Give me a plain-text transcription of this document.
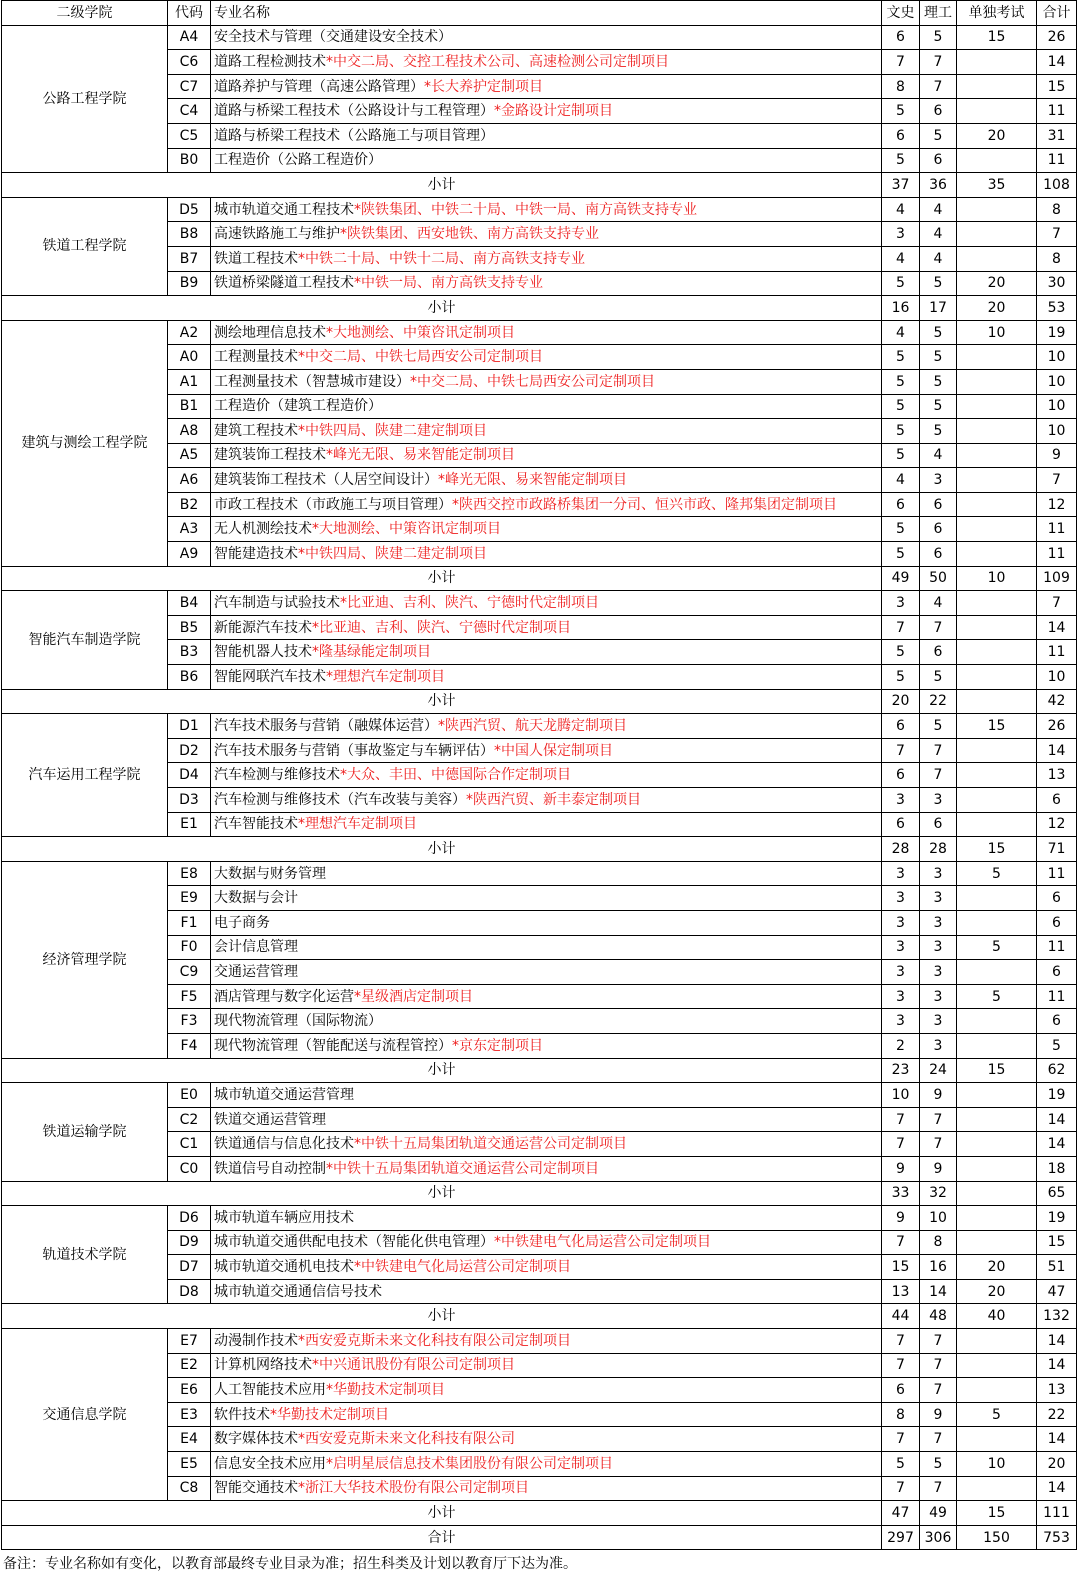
二级学院	代码	专业名称	文史	理工	单独考试	合计
公路工程学院	A4	安全技术与管理（交通建设安全技术）	6	5	15	26
	C6	道路工程检测技术*中交二局、交控工程技术公司、高速检测公司定制项目	7	7		14
	C7	道路养护与管理（高速公路管理）*长大养护定制项目	8	7		15
	C4	道路与桥梁工程技术（公路设计与工程管理）*金路设计定制项目	5	6		11
	C5	道路与桥梁工程技术（公路施工与项目管理）	6	5	20	31
	B0	工程造价（公路工程造价）	5	6		11
小计			37	36	35	108
铁道工程学院	D5	城市轨道交通工程技术*陕铁集团、中铁二十局、中铁一局、南方高铁支持专业	4	4		8
	B8	高速铁路施工与维护*陕铁集团、西安地铁、南方高铁支持专业	3	4		7
	B7	铁道工程技术*中铁二十局、中铁十二局、南方高铁支持专业	4	4		8
	B9	铁道桥梁隧道工程技术*中铁一局、南方高铁支持专业	5	5	20	30
小计			16	17	20	53
建筑与测绘工程学院	A2	测绘地理信息技术*大地测绘、中策咨讯定制项目	4	5	10	19
	A0	工程测量技术*中交二局、中铁七局西安公司定制项目	5	5		10
	A1	工程测量技术（智慧城市建设）*中交二局、中铁七局西安公司定制项目	5	5		10
	B1	工程造价（建筑工程造价）	5	5		10
	A8	建筑工程技术*中铁四局、陕建二建定制项目	5	5		10
	A5	建筑装饰工程技术*峰光无限、易来智能定制项目	5	4		9
	A6	建筑装饰工程技术（人居空间设计）*峰光无限、易来智能定制项目	4	3		7
	B2	市政工程技术（市政施工与项目管理）*陕西交控市政路桥集团一分司、恒兴市政、隆邦集团定制项目	6	6		12
	A3	无人机测绘技术*大地测绘、中策咨讯定制项目	5	6		11
	A9	智能建造技术*中铁四局、陕建二建定制项目	5	6		11
小计			49	50	10	109
智能汽车制造学院	B4	汽车制造与试验技术*比亚迪、吉利、陕汽、宁德时代定制项目	3	4		7
	B5	新能源汽车技术*比亚迪、吉利、陕汽、宁德时代定制项目	7	7		14
	B3	智能机器人技术*隆基绿能定制项目	5	6		11
	B6	智能网联汽车技术*理想汽车定制项目	5	5		10
小计			20	22		42
汽车运用工程学院	D1	汽车技术服务与营销（融媒体运营）*陕西汽贸、航天龙腾定制项目	6	5	15	26
	D2	汽车技术服务与营销（事故鉴定与车辆评估）*中国人保定制项目	7	7		14
	D4	汽车检测与维修技术*大众、丰田、中德国际合作定制项目	6	7		13
	D3	汽车检测与维修技术（汽车改装与美容）*陕西汽贸、新丰泰定制项目	3	3		6
	E1	汽车智能技术*理想汽车定制项目	6	6		12
小计			28	28	15	71
经济管理学院	E8	大数据与财务管理	3	3	5	11
	E9	大数据与会计	3	3		6
	F1	电子商务	3	3		6
	F0	会计信息管理	3	3	5	11
	C9	交通运营管理	3	3		6
	F5	酒店管理与数字化运营*星级酒店定制项目	3	3	5	11
	F3	现代物流管理（国际物流）	3	3		6
	F4	现代物流管理（智能配送与流程管控）*京东定制项目	2	3		5
小计			23	24	15	62
铁道运输学院	E0	城市轨道交通运营管理	10	9		19
	C2	铁道交通运营管理	7	7		14
	C1	铁道通信与信息化技术*中铁十五局集团轨道交通运营公司定制项目	7	7		14
	C0	铁道信号自动控制*中铁十五局集团轨道交通运营公司定制项目	9	9		18
小计			33	32		65
轨道技术学院	D6	城市轨道车辆应用技术	9	10		19
	D9	城市轨道交通供配电技术（智能化供电管理）*中铁建电气化局运营公司定制项目	7	8		15
	D7	城市轨道交通机电技术*中铁建电气化局运营公司定制项目	15	16	20	51
	D8	城市轨道交通通信信号技术	13	14	20	47
小计			44	48	40	132
交通信息学院	E7	动漫制作技术*西安爱克斯未来文化科技有限公司定制项目	7	7		14
	E2	计算机网络技术*中兴通讯股份有限公司定制项目	7	7		14
	E6	人工智能技术应用*华勤技术定制项目	6	7		13
	E3	软件技术*华勤技术定制项目	8	9	5	22
	E4	数字媒体技术*西安爱克斯未来文化科技有限公司	7	7		14
	E5	信息安全技术应用*启明星辰信息技术集团股份有限公司定制项目	5	5	10	20
	C8	智能交通技术*浙江大华技术股份有限公司定制项目	7	7		14
小计			47	49	15	111
合计			297	306	150	753
备注：专业名称如有变化，以教育部最终专业目录为准；招生科类及计划以教育厅下达为准。
